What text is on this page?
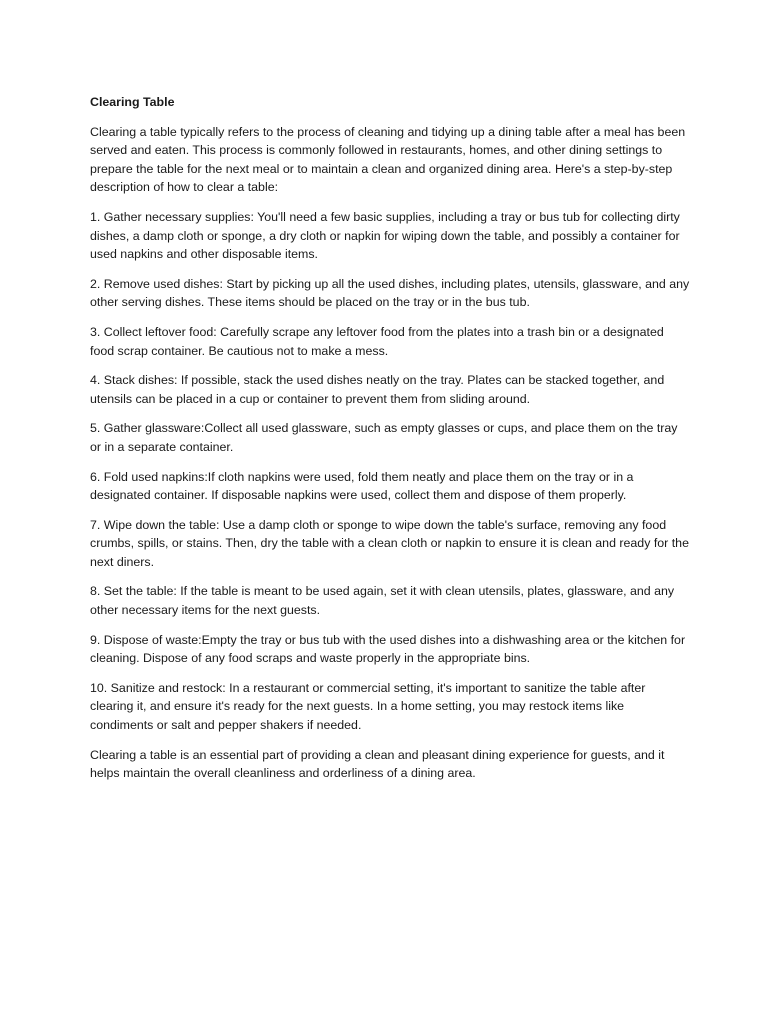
Clearing Table

Clearing a table typically refers to the process of cleaning and tidying up a dining table after a meal has been served and eaten. This process is commonly followed in restaurants, homes, and other dining settings to prepare the table for the next meal or to maintain a clean and organized dining area. Here's a step-by-step description of how to clear a table:

1. Gather necessary supplies: You'll need a few basic supplies, including a tray or bus tub for collecting dirty dishes, a damp cloth or sponge, a dry cloth or napkin for wiping down the table, and possibly a container for used napkins and other disposable items.

2. Remove used dishes: Start by picking up all the used dishes, including plates, utensils, glassware, and any other serving dishes. These items should be placed on the tray or in the bus tub.

3. Collect leftover food: Carefully scrape any leftover food from the plates into a trash bin or a designated food scrap container. Be cautious not to make a mess.

4. Stack dishes: If possible, stack the used dishes neatly on the tray. Plates can be stacked together, and utensils can be placed in a cup or container to prevent them from sliding around.

5. Gather glassware:Collect all used glassware, such as empty glasses or cups, and place them on the tray or in a separate container.

6. Fold used napkins:If cloth napkins were used, fold them neatly and place them on the tray or in a designated container. If disposable napkins were used, collect them and dispose of them properly.

7. Wipe down the table: Use a damp cloth or sponge to wipe down the table's surface, removing any food crumbs, spills, or stains. Then, dry the table with a clean cloth or napkin to ensure it is clean and ready for the next diners.

8. Set the table: If the table is meant to be used again, set it with clean utensils, plates, glassware, and any other necessary items for the next guests.

9. Dispose of waste:Empty the tray or bus tub with the used dishes into a dishwashing area or the kitchen for cleaning. Dispose of any food scraps and waste properly in the appropriate bins.

10. Sanitize and restock: In a restaurant or commercial setting, it's important to sanitize the table after clearing it, and ensure it's ready for the next guests. In a home setting, you may restock items like condiments or salt and pepper shakers if needed.

Clearing a table is an essential part of providing a clean and pleasant dining experience for guests, and it helps maintain the overall cleanliness and orderliness of a dining area.
